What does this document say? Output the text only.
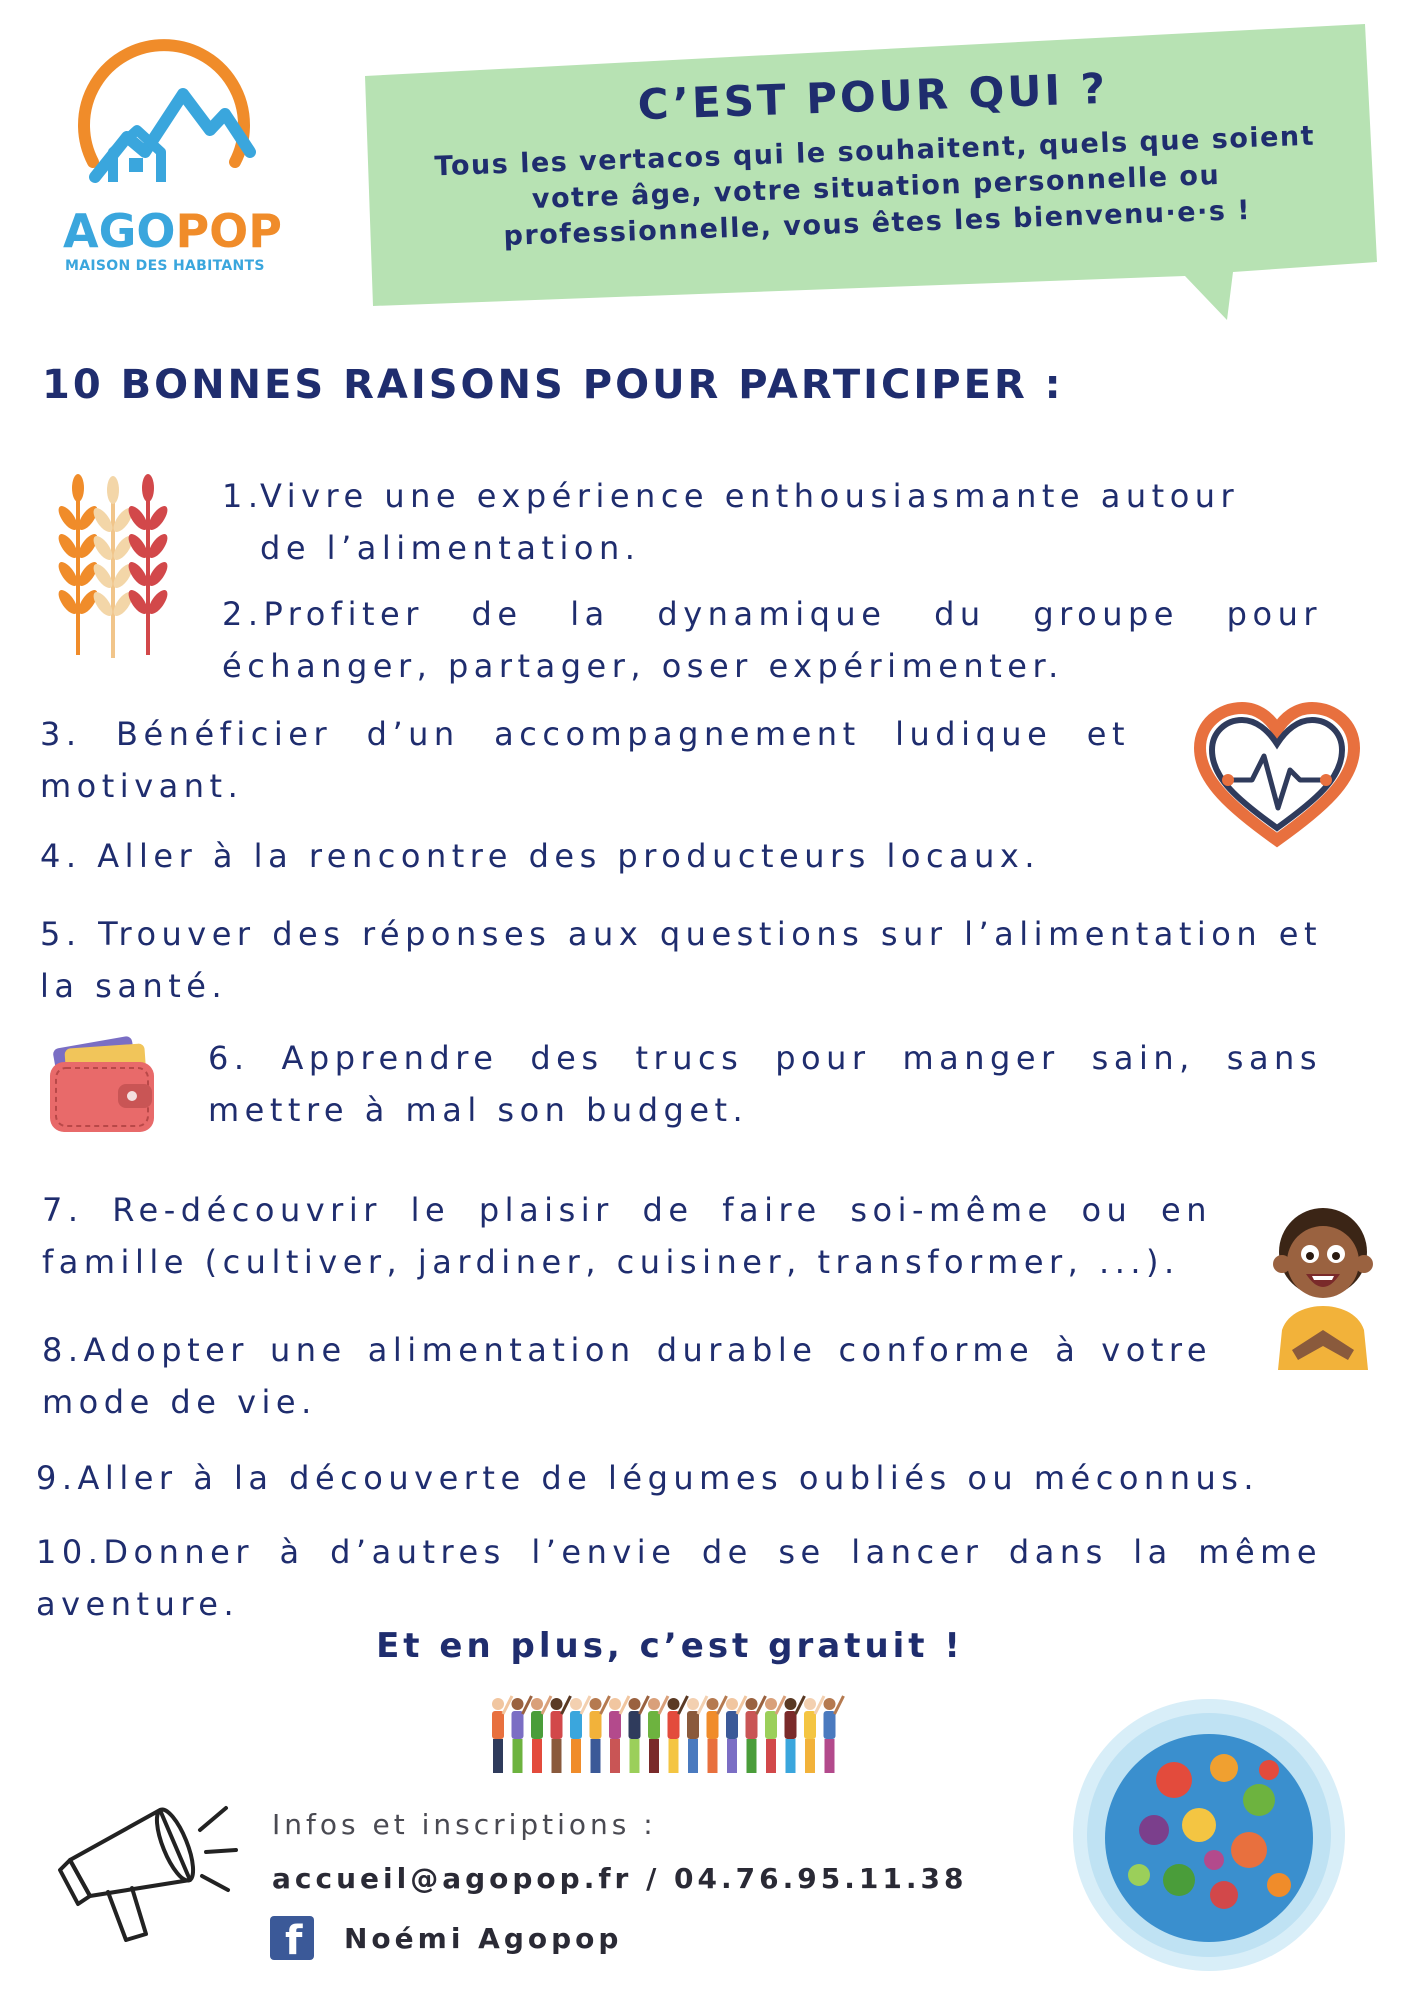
AGOPOP
MAISON DES HABITANTS
C’EST POUR QUI ?
Tous les vertacos qui le souhaitent, quels que soient votre âge, votre situation personnelle ou professionnelle, vous êtes les bienvenu·e·s !
10 BONNES RAISONS POUR PARTICIPER :
1.Vivre une expérience enthousiasmante autour
de l’alimentation.
2.Profiter de la dynamique du groupe pour échanger, partager, oser expérimenter.
3. Bénéficier d’un accompagnement ludique et motivant.
4. Aller à la rencontre des producteurs locaux.
5. Trouver des réponses aux questions sur l’alimentation et la santé.
6. Apprendre des trucs pour manger sain, sans mettre à mal son budget.
7. Re-découvrir le plaisir de faire soi-même ou en famille (cultiver, jardiner, cuisiner, transformer, ...).
8.Adopter une alimentation durable conforme à votre mode de vie.
9.Aller à la découverte de légumes oubliés ou méconnus.
10.Donner à d’autres l’envie de se lancer dans la même aventure.
Et en plus, c’est gratuit !
Infos et inscriptions :
accueil@agopop.fr / 04.76.95.11.38
f Noémi Agopop
